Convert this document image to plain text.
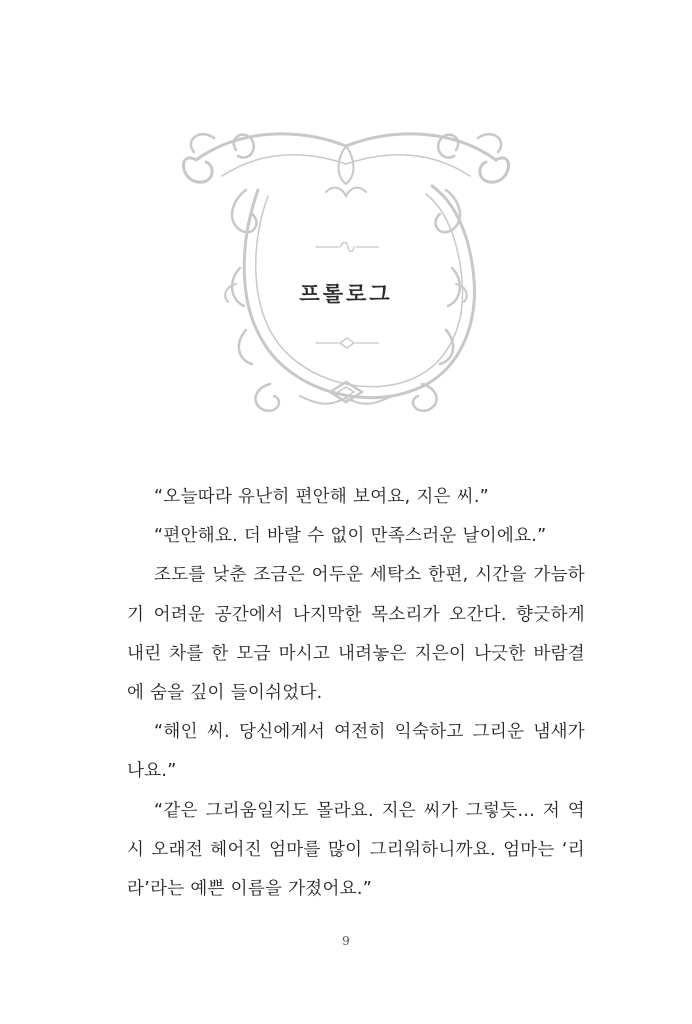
프롤로그

“오늘따라 유난히 편안해 보여요, 지은 씨.”

“편안해요. 더 바랄 수 없이 만족스러운 날이에요.”

조도를 낮춘 조금은 어두운 세탁소 한편, 시간을 가늠하기 어려운 공간에서 나지막한 목소리가 오간다. 향긋하게 내린 차를 한 모금 마시고 내려놓은 지은이 나긋한 바람결에 숨을 깊이 들이쉬었다.

“해인 씨. 당신에게서 여전히 익숙하고 그리운 냄새가 나요.”

“같은 그리움일지도 몰라요. 지은 씨가 그렇듯… 저 역시 오래전 헤어진 엄마를 많이 그리워하니까요. 엄마는 ‘리라’라는 예쁜 이름을 가졌어요.”

9
